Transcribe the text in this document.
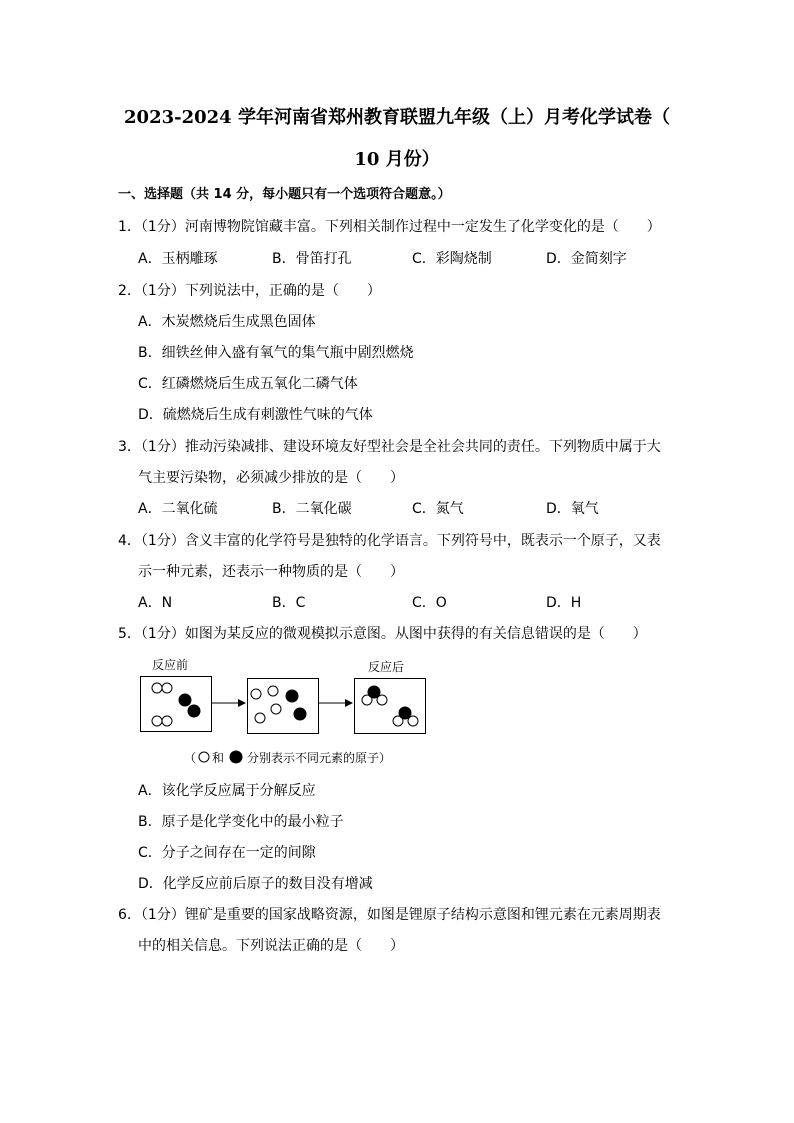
2023-2024 学年河南省郑州教育联盟九年级（上）月考化学试卷（
10 月份）
一、选择题（共 14 分，每小题只有一个选项符合题意。）
1．（1分）河南博物院馆藏丰富。下列相关制作过程中一定发生了化学变化的是（　　）
A．玉柄雕琢	B．骨笛打孔	C．彩陶烧制	D．金简刻字
2．（1分）下列说法中，正确的是（　　）
A．木炭燃烧后生成黑色固体
B．细铁丝伸入盛有氧气的集气瓶中剧烈燃烧
C．红磷燃烧后生成五氧化二磷气体
D．硫燃烧后生成有刺激性气味的气体
3．（1分）推动污染减排、建设环境友好型社会是全社会共同的责任。下列物质中属于大
气主要污染物，必须减少排放的是（　　）
A．二氧化硫	B．二氧化碳	C．氮气	D．氧气
4．（1分）含义丰富的化学符号是独特的化学语言。下列符号中，既表示一个原子，又表
示一种元素，还表示一种物质的是（　　）
A．N	B．C	C．O	D．H
5．（1分）如图为某反应的微观模拟示意图。从图中获得的有关信息错误的是（　　）
反应前	反应后
（ 和 分别表示不同元素的原子）
A．该化学反应属于分解反应
B．原子是化学变化中的最小粒子
C．分子之间存在一定的间隙
D．化学反应前后原子的数目没有增减
6．（1分）锂矿是重要的国家战略资源，如图是锂原子结构示意图和锂元素在元素周期表
中的相关信息。下列说法正确的是（　　）
